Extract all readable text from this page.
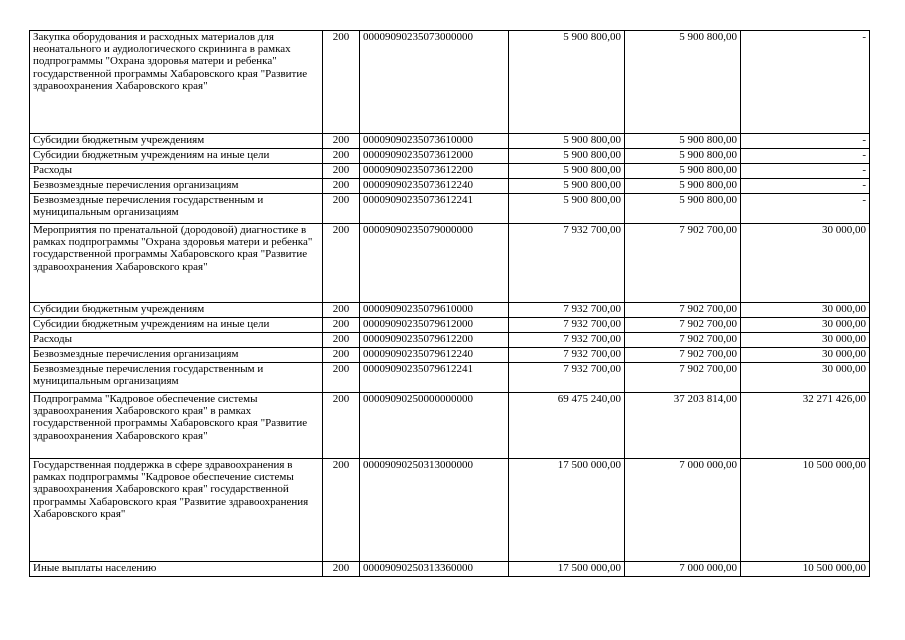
Закупка оборудования и расходных материалов для неонатального и аудиологического скрининга в рамках подпрограммы "Охрана здоровья матери и ребенка" государственной программы Хабаровского края "Развитие здравоохранения Хабаровского края"	200	00009090235073000000	5 900 800,00	5 900 800,00	-
Субсидии бюджетным учреждениям	200	00009090235073610000	5 900 800,00	5 900 800,00	-
Субсидии бюджетным учреждениям на иные цели	200	00009090235073612000	5 900 800,00	5 900 800,00	-
Расходы	200	00009090235073612200	5 900 800,00	5 900 800,00	-
Безвозмездные перечисления организациям	200	00009090235073612240	5 900 800,00	5 900 800,00	-
Безвозмездные перечисления государственным и муниципальным организациям	200	00009090235073612241	5 900 800,00	5 900 800,00	-
Мероприятия по пренатальной (дородовой) диагностике в рамках подпрограммы "Охрана здоровья матери и ребенка" государственной программы Хабаровского края "Развитие здравоохранения Хабаровского края"	200	00009090235079000000	7 932 700,00	7 902 700,00	30 000,00
Субсидии бюджетным учреждениям	200	00009090235079610000	7 932 700,00	7 902 700,00	30 000,00
Субсидии бюджетным учреждениям на иные цели	200	00009090235079612000	7 932 700,00	7 902 700,00	30 000,00
Расходы	200	00009090235079612200	7 932 700,00	7 902 700,00	30 000,00
Безвозмездные перечисления организациям	200	00009090235079612240	7 932 700,00	7 902 700,00	30 000,00
Безвозмездные перечисления государственным и муниципальным организациям	200	00009090235079612241	7 932 700,00	7 902 700,00	30 000,00
Подпрограмма "Кадровое обеспечение системы здравоохранения Хабаровского края" в рамках государственной программы Хабаровского края "Развитие здравоохранения Хабаровского края"	200	00009090250000000000	69 475 240,00	37 203 814,00	32 271 426,00
Государственная поддержка в сфере здравоохранения в рамках подпрограммы "Кадровое обеспечение системы здравоохранения Хабаровского края" государственной программы Хабаровского края "Развитие здравоохранения Хабаровского края"	200	00009090250313000000	17 500 000,00	7 000 000,00	10 500 000,00
Иные выплаты населению	200	00009090250313360000	17 500 000,00	7 000 000,00	10 500 000,00
